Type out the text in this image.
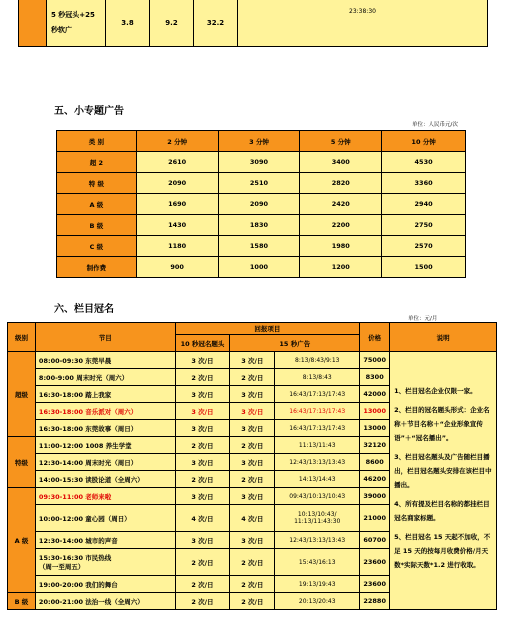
5 秒冠头+25
秒软广
3.8	9.2	32.2
23:38:30
五、小专题广告
单位：人民币元/次
类 别	2 分钟	3 分钟	5 分钟	10 分钟
超 2	2610	3090	3400	4530
特 级	2090	2510	2820	3360
A 级	1690	2090	2420	2940
B 级	1430	1830	2200	2750
C 级	1180	1580	1980	2570
制作费	900	1000	1200	1500
六、栏目冠名
单位：元/月
级别	节目	回报项目			价格	说明
		10 秒冠名题头	15 秒广告			
超级	08:00-09:30 东莞早晨	3 次/日	3 次/日	8:13/8:43/9:13	75000	1、栏目冠名企业仅限一家。
2、栏目的冠名题头形式：企业名称＋节目名称＋“企业形象宣传语”＋“冠名播出”。
3、栏目冠名题头及广告随栏目播出，栏目冠名题头安排在该栏目中播出。
4、所有提及栏目名称的都挂栏目冠名商家标题。
5、栏目冠名 15 天起不加收，不足 15 天的按每月收费价格/月天数*实际天数*1.2 进行收取。

	8:00-9:00 周末时光（周六）	2 次/日	2 次/日	8:13/8:43	8300	
	16:30-18:00 踏上我家	3 次/日	3 次/日	16:43/17:13/17:43	42000	
	16:30-18:00 音乐派对（周六）	3 次/日	3 次/日	16:43/17:13/17:43	13000	
	16:30-18:00 东莞故事（周日）	3 次/日	3 次/日	16:43/17:13/17:43	13000	
特级	11:00-12:00 1008 养生学堂	2 次/日	2 次/日	11:13/11:43	32120	
	12:30-14:00 周末时光（周日）	3 次/日	3 次/日	12:43/13:13/13:43	8600	
	14:00-15:30 读股论道（全周六）	2 次/日	2 次/日	14:13/14:43	46200	
A 级	09:30-11:00 老师来啦	3 次/日	3 次/日	09:43/10:13/10:43	39000	
	10:00-12:00 童心园（周日）	4 次/日	4 次/日	10:13/10:43/
11:13/11:43:30	21000	
	12:30-14:00 城市的声音	3 次/日	3 次/日	12:43/13:13/13:43	60700	
	15:30-16:30 市民热线
（周一至周五）	2 次/日	2 次/日	15:43/16:13	23600	
	19:00-20:00 我们的舞台	2 次/日	2 次/日	19:13/19:43	23600	
B 级	20:00-21:00 法治一线（全周六）	2 次/日	2 次/日	20:13/20:43	22880	
